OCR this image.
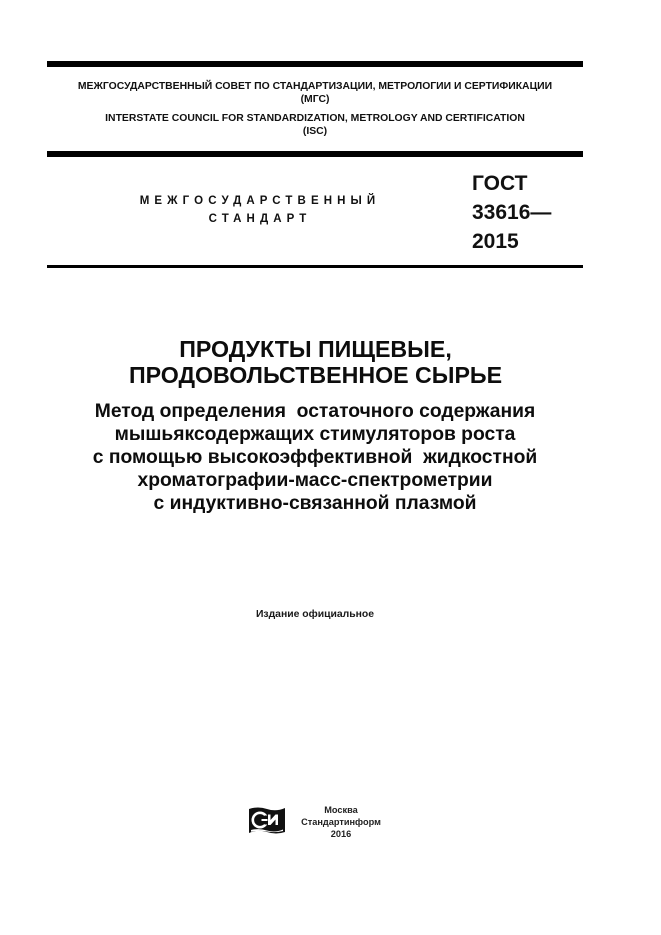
МЕЖГОСУДАРСТВЕННЫЙ СОВЕТ ПО СТАНДАРТИЗАЦИИ, МЕТРОЛОГИИ И СЕРТИФИКАЦИИ
(МГС)
INTERSTATE COUNCIL FOR STANDARDIZATION, METROLOGY AND CERTIFICATION
(ISC)
МЕЖГОСУДАРСТВЕННЫЙ
СТАНДАРТ
ГОСТ
33616—
2015
ПРОДУКТЫ ПИЩЕВЫЕ,
ПРОДОВОЛЬСТВЕННОЕ СЫРЬЕ
Метод определения  остаточного содержания
мышьяксодержащих стимуляторов роста
с помощью высокоэффективной  жидкостной
хроматографии-масс-спектрометрии
с индуктивно-связанной плазмой
Издание официальное
Москва
Стандартинформ
2016
